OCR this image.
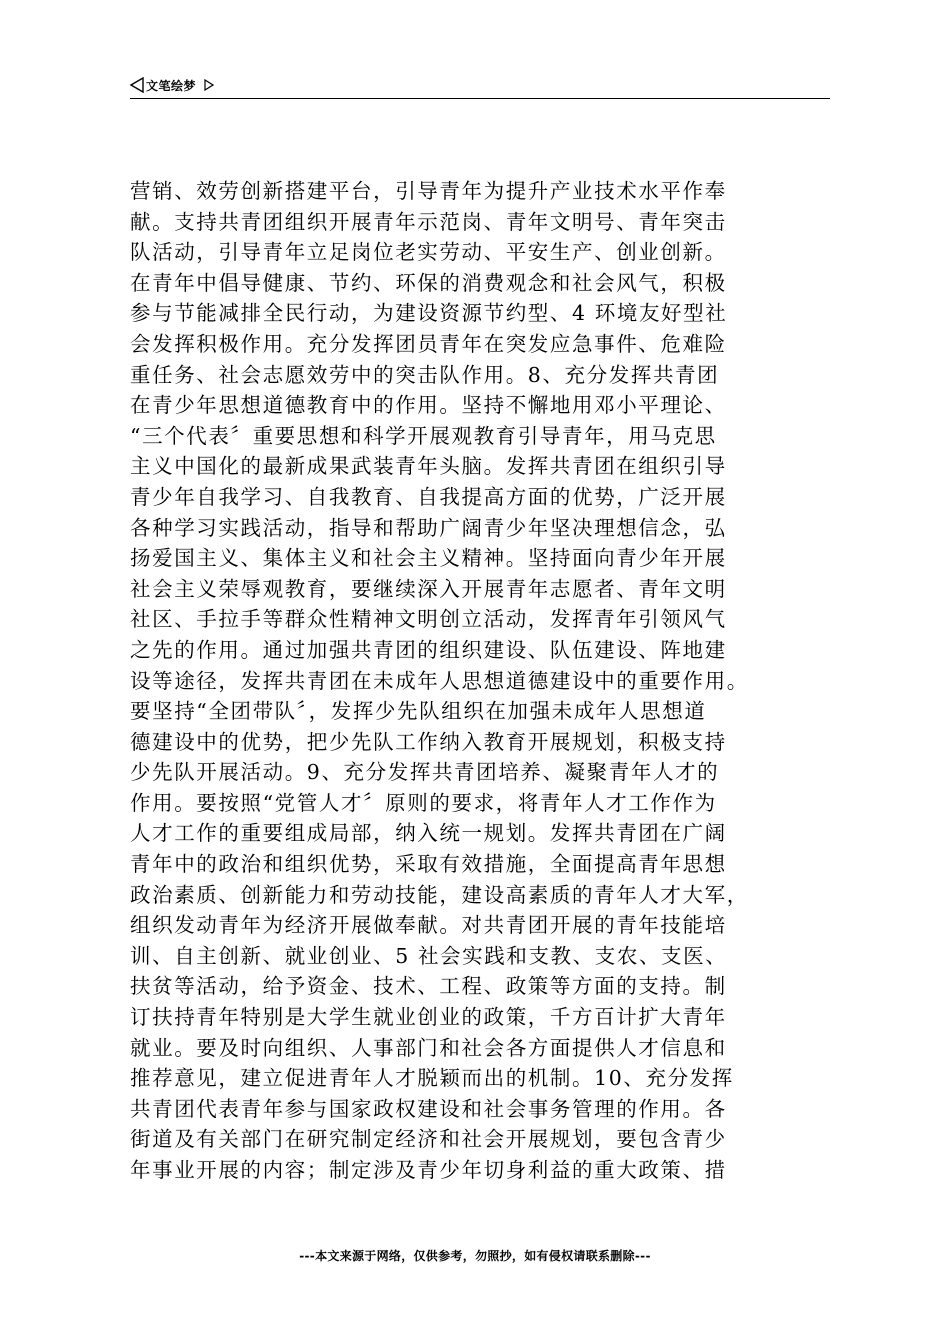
文笔绘梦
营销、效劳创新搭建平台，引导青年为提升产业技术水平作奉
献。支持共青团组织开展青年示范岗、青年文明号、青年突击
队活动，引导青年立足岗位老实劳动、平安生产、创业创新。
在青年中倡导健康、节约、环保的消费观念和社会风气，积极
参与节能减排全民行动，为建设资源节约型、4 环境友好型社
会发挥积极作用。充分发挥团员青年在突发应急事件、危难险
重任务、社会志愿效劳中的突击队作用。8、充分发挥共青团
在青少年思想道德教育中的作用。坚持不懈地用邓小平理论、
“三个代表〞重要思想和科学开展观教育引导青年，用马克思
主义中国化的最新成果武装青年头脑。发挥共青团在组织引导
青少年自我学习、自我教育、自我提高方面的优势，广泛开展
各种学习实践活动，指导和帮助广阔青少年坚决理想信念，弘
扬爱国主义、集体主义和社会主义精神。坚持面向青少年开展
社会主义荣辱观教育，要继续深入开展青年志愿者、青年文明
社区、手拉手等群众性精神文明创立活动，发挥青年引领风气
之先的作用。通过加强共青团的组织建设、队伍建设、阵地建
设等途径，发挥共青团在未成年人思想道德建设中的重要作用。
要坚持“全团带队〞，发挥少先队组织在加强未成年人思想道
德建设中的优势，把少先队工作纳入教育开展规划，积极支持
少先队开展活动。9、充分发挥共青团培养、凝聚青年人才的
作用。要按照“党管人才〞原则的要求，将青年人才工作作为
人才工作的重要组成局部，纳入统一规划。发挥共青团在广阔
青年中的政治和组织优势，采取有效措施，全面提高青年思想
政治素质、创新能力和劳动技能，建设高素质的青年人才大军，
组织发动青年为经济开展做奉献。对共青团开展的青年技能培
训、自主创新、就业创业、5 社会实践和支教、支农、支医、
扶贫等活动，给予资金、技术、工程、政策等方面的支持。制
订扶持青年特别是大学生就业创业的政策，千方百计扩大青年
就业。要及时向组织、人事部门和社会各方面提供人才信息和
推荐意见，建立促进青年人才脱颖而出的机制。10、充分发挥
共青团代表青年参与国家政权建设和社会事务管理的作用。各
街道及有关部门在研究制定经济和社会开展规划，要包含青少
年事业开展的内容；制定涉及青少年切身利益的重大政策、措
---本文来源于网络，仅供参考，勿照抄，如有侵权请联系删除---
